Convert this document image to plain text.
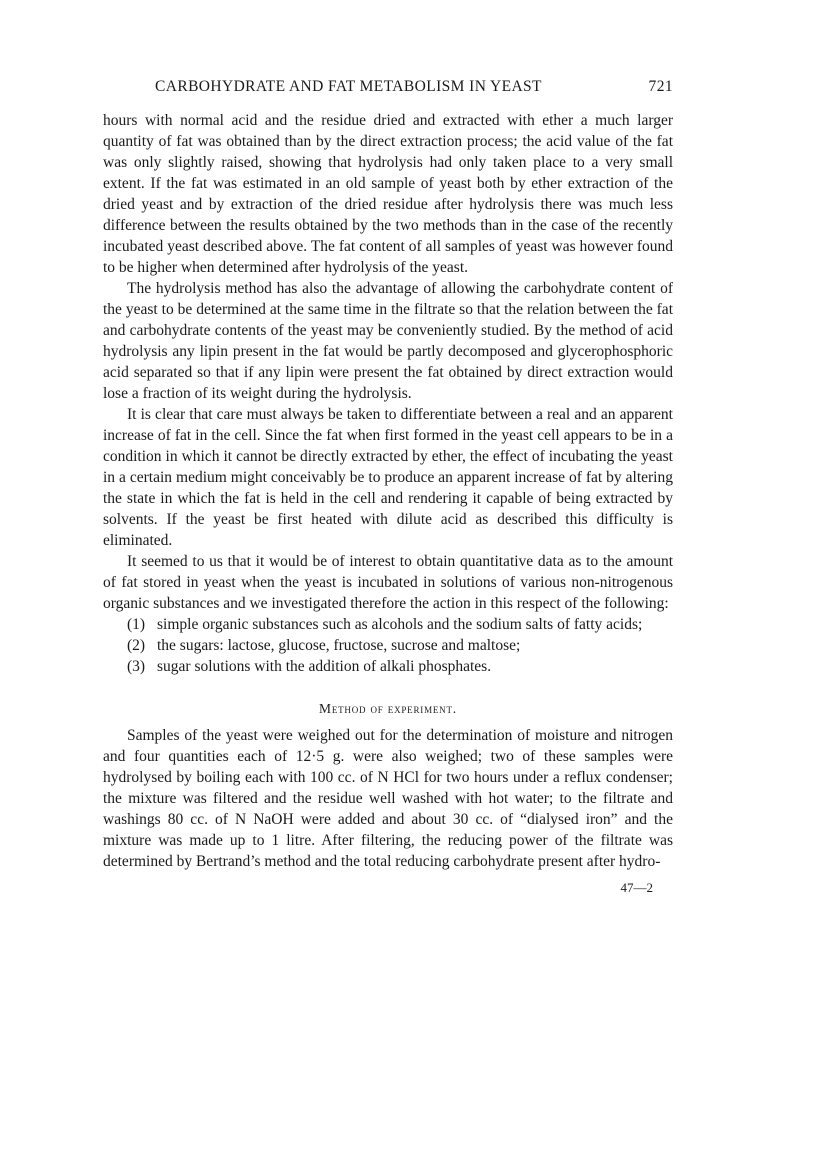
CARBOHYDRATE AND FAT METABOLISM IN YEAST	721

hours with normal acid and the residue dried and extracted with ether a much larger quantity of fat was obtained than by the direct extraction process; the acid value of the fat was only slightly raised, showing that hydrolysis had only taken place to a very small extent. If the fat was estimated in an old sample of yeast both by ether extraction of the dried yeast and by extraction of the dried residue after hydrolysis there was much less difference between the results obtained by the two methods than in the case of the recently incubated yeast described above. The fat content of all samples of yeast was however found to be higher when determined after hydrolysis of the yeast.

The hydrolysis method has also the advantage of allowing the carbohydrate content of the yeast to be determined at the same time in the filtrate so that the relation between the fat and carbohydrate contents of the yeast may be conveniently studied. By the method of acid hydrolysis any lipin present in the fat would be partly decomposed and glycerophosphoric acid separated so that if any lipin were present the fat obtained by direct extraction would lose a fraction of its weight during the hydrolysis.

It is clear that care must always be taken to differentiate between a real and an apparent increase of fat in the cell. Since the fat when first formed in the yeast cell appears to be in a condition in which it cannot be directly extracted by ether, the effect of incubating the yeast in a certain medium might conceivably be to produce an apparent increase of fat by altering the state in which the fat is held in the cell and rendering it capable of being extracted by solvents. If the yeast be first heated with dilute acid as described this difficulty is eliminated.

It seemed to us that it would be of interest to obtain quantitative data as to the amount of fat stored in yeast when the yeast is incubated in solutions of various non-nitrogenous organic substances and we investigated therefore the action in this respect of the following:

(1) simple organic substances such as alcohols and the sodium salts of fatty acids;
(2) the sugars: lactose, glucose, fructose, sucrose and maltose;
(3) sugar solutions with the addition of alkali phosphates.
Method of experiment.

Samples of the yeast were weighed out for the determination of moisture and nitrogen and four quantities each of 12·5 g. were also weighed; two of these samples were hydrolysed by boiling each with 100 cc. of N HCl for two hours under a reflux condenser; the mixture was filtered and the residue well washed with hot water; to the filtrate and washings 80 cc. of N NaOH were added and about 30 cc. of “dialysed iron” and the mixture was made up to 1 litre. After filtering, the reducing power of the filtrate was determined by Bertrand’s method and the total reducing carbohydrate present after hydro-

47—2
